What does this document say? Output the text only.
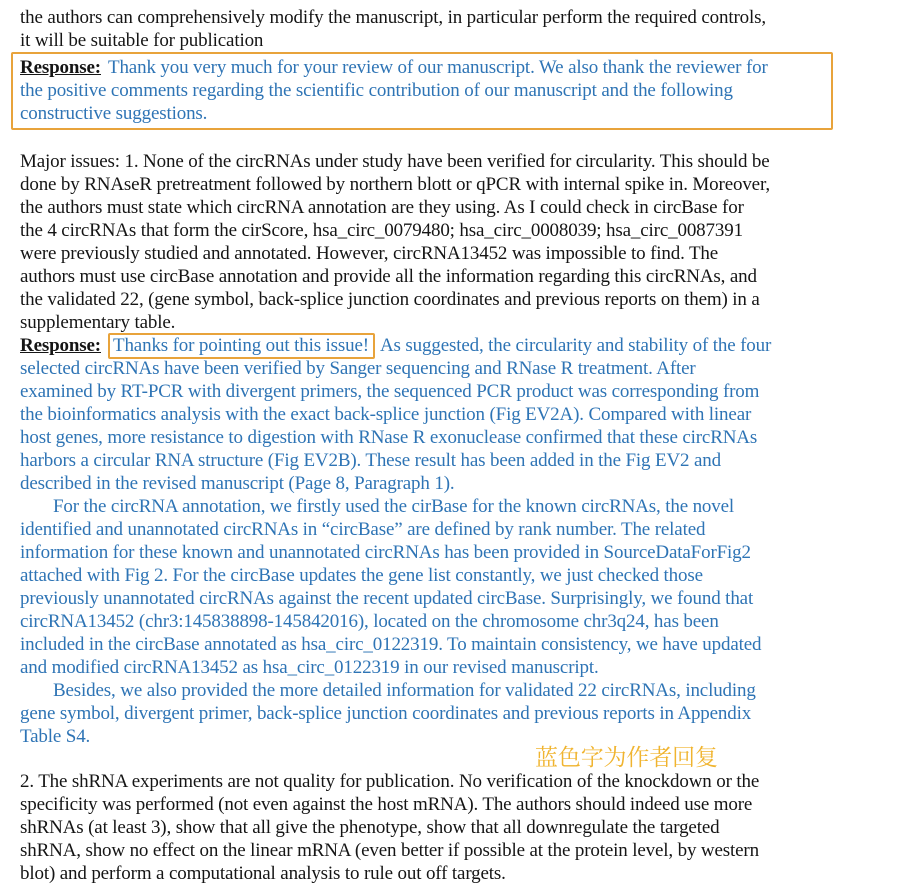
the authors can comprehensively modify the manuscript, in particular perform the required controls,
it will be suitable for publication
Response: Thank you very much for your review of our manuscript. We also thank the reviewer for
the positive comments regarding the scientific contribution of our manuscript and the following
constructive suggestions.
Major issues: 1. None of the circRNAs under study have been verified for circularity. This should be
done by RNAseR pretreatment followed by northern blott or qPCR with internal spike in. Moreover,
the authors must state which circRNA annotation are they using. As I could check in circBase for
the 4 circRNAs that form the cirScore, hsa_circ_0079480; hsa_circ_0008039; hsa_circ_0087391
were previously studied and annotated. However, circRNA13452 was impossible to find. The
authors must use circBase annotation and provide all the information regarding this circRNAs, and
the validated 22, (gene symbol, back-splice junction coordinates and previous reports on them) in a
supplementary table.
Response: Thanks for pointing out this issue! As suggested, the circularity and stability of the four
selected circRNAs have been verified by Sanger sequencing and RNase R treatment. After
examined by RT-PCR with divergent primers, the sequenced PCR product was corresponding from
the bioinformatics analysis with the exact back-splice junction (Fig EV2A). Compared with linear
host genes, more resistance to digestion with RNase R exonuclease confirmed that these circRNAs
harbors a circular RNA structure (Fig EV2B). These result has been added in the Fig EV2 and
described in the revised manuscript (Page 8, Paragraph 1).
For the circRNA annotation, we firstly used the cirBase for the known circRNAs, the novel
identified and unannotated circRNAs in “circBase” are defined by rank number. The related
information for these known and unannotated circRNAs has been provided in SourceDataForFig2
attached with Fig 2. For the circBase updates the gene list constantly, we just checked those
previously unannotated circRNAs against the recent updated circBase. Surprisingly, we found that
circRNA13452 (chr3:145838898-145842016), located on the chromosome chr3q24, has been
included in the circBase annotated as hsa_circ_0122319. To maintain consistency, we have updated
and modified circRNA13452 as hsa_circ_0122319 in our revised manuscript.
Besides, we also provided the more detailed information for validated 22 circRNAs, including
gene symbol, divergent primer, back-splice junction coordinates and previous reports in Appendix
Table S4.
蓝色字为作者回复
2. The shRNA experiments are not quality for publication. No verification of the knockdown or the
specificity was performed (not even against the host mRNA). The authors should indeed use more
shRNAs (at least 3), show that all give the phenotype, show that all downregulate the targeted
shRNA, show no effect on the linear mRNA (even better if possible at the protein level, by western
blot) and perform a computational analysis to rule out off targets.
